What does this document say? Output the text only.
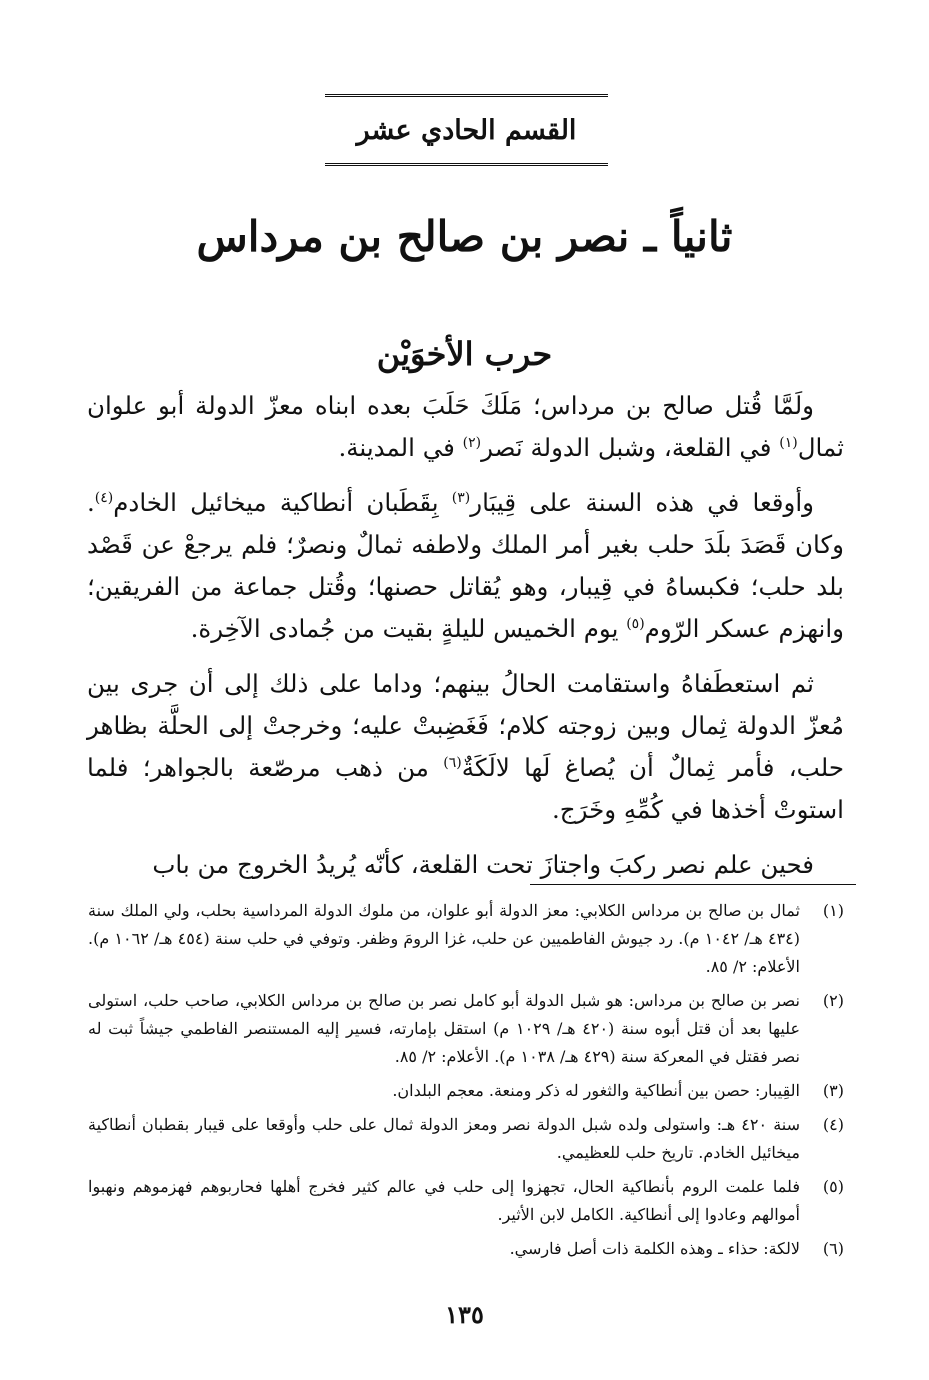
القسم الحادي عشر
ثانياً ـ نصر بن صالح بن مرداس
حرب الأخوَيْن

ولَمَّا قُتل صالح بن مرداس؛ مَلَكَ حَلَبَ بعده ابناه معزّ الدولة أبو علوان ثمال$^{(١)}$ في القلعة، وشبل الدولة نَصر$^{(٢)}$ في المدينة.

وأوقعا في هذه السنة على قِيبَار$^{(٣)}$ بِقَطَبان أنطاكية ميخائيل الخادم$^{(٤)}$. وكان قَصَدَ بلَدَ حلب بغير أمر الملك ولاطفه ثمالٌ ونصرٌ؛ فلم يرجعْ عن قَصْد بلد حلب؛ فكبساهُ في قِيبار، وهو يُقاتل حصنها؛ وقُتل جماعة من الفريقين؛ وانهزم عسكر الرّوم$^{(٥)}$ يوم الخميس لليلةٍ بقيت من جُمادى الآخِرة.

ثم استعطَفاهُ واستقامت الحالُ بينهم؛ وداما على ذلك إلى أن جرى بين مُعزّ الدولة ثِمال وبين زوجته كلام؛ فَغَضِبتْ عليه؛ وخرجتْ إلى الحلَّة بظاهر حلب، فأمر ثِمالٌ أن يُصاغ لَها لالَكَةٌ$^{(٦)}$ من ذهب مرصّعة بالجواهر؛ فلما استوتْ أخذها في كُمِّهِ وخَرَج.

فحين علم نصر ركبَ واجتازَ تحت القلعة، كأنّه يُريدُ الخروج من باب

(١)
ثمال بن صالح بن مرداس الكلابي: معز الدولة أبو علوان، من ملوك الدولة المرداسية بحلب، ولي الملك سنة (٤٣٤ هـ/ ١٠٤٢ م). رد جيوش الفاطميين عن حلب، غزا الرومَ وظفر. وتوفي في حلب سنة (٤٥٤ هـ/ ١٠٦٢ م). الأعلام: ٢/ ٨٥.
(٢)
نصر بن صالح بن مرداس: هو شبل الدولة أبو كامل نصر بن صالح بن مرداس الكلابي، صاحب حلب، استولى عليها بعد أن قتل أبوه سنة (٤٢٠ هـ/ ١٠٢٩ م) استقل بإمارته، فسير إليه المستنصر الفاطمي جيشاً ثبت له نصر فقتل في المعركة سنة (٤٢٩ هـ/ ١٠٣٨ م). الأعلام: ٢/ ٨٥.
(٣)
القِيبار: حصن بين أنطاكية والثغور له ذكر ومنعة. معجم البلدان.
(٤)
سنة ٤٢٠ هـ: واستولى ولده شبل الدولة نصر ومعز الدولة ثمال على حلب وأوقعا على قيبار بقطبان أنطاكية ميخائيل الخادم. تاريخ حلب للعظيمي.
(٥)
فلما علمت الروم بأنطاكية الحال، تجهزوا إلى حلب في عالم كثير فخرج أهلها فحاربوهم فهزموهم ونهبوا أموالهم وعادوا إلى أنطاكية. الكامل لابن الأثير.
(٦)
لالكة: حذاء ـ وهذه الكلمة ذات أصل فارسي.
١٣٥
